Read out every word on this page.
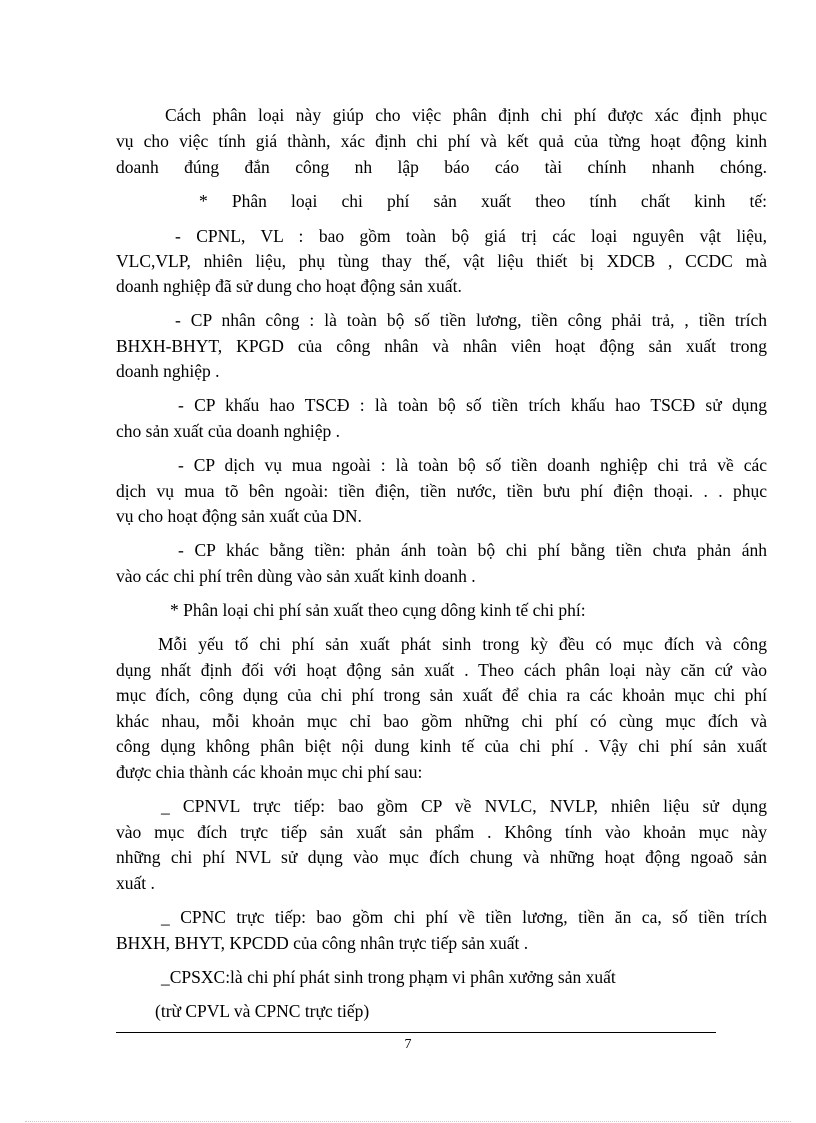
Cách phân loại này giúp cho việc phân định chi phí được xác định phục
vụ cho việc tính giá thành, xác định chi phí và kết quả của từng hoạt động kinh
doanh đúng đắn công nh lập báo cáo tài chính nhanh chóng.
* Phân loại chi phí sản xuất theo tính chất kinh tế:
- CPNL, VL : bao gồm toàn bộ giá trị các loại nguyên vật liệu,
VLC,VLP, nhiên liệu, phụ tùng thay thế, vật liệu thiết bị XDCB , CCDC mà
doanh nghiệp đã sử dung cho hoạt động sản xuất.
- CP nhân công : là toàn bộ số tiền lương, tiền công phải trả, , tiền trích
BHXH-BHYT, KPGD của công nhân và nhân viên hoạt động sản xuất trong
doanh nghiệp .
- CP khấu hao TSCĐ : là toàn bộ số tiền trích khấu hao TSCĐ sử dụng
cho sản xuất của doanh nghiệp .
- CP dịch vụ mua ngoài : là toàn bộ số tiền doanh nghiệp chi trả về các
dịch vụ mua tõ bên ngoài: tiền điện, tiền nước, tiền bưu phí điện thoại. . . phục
vụ cho hoạt động sản xuất của DN.
- CP khác bằng tiền: phản ánh toàn bộ chi phí bằng tiền chưa phản ánh
vào các chi phí trên dùng vào sản xuất kinh doanh .
* Phân loại chi phí sản xuất theo cụng dông kinh tế chi phí:
Mỗi yếu tố chi phí sản xuất phát sinh trong kỳ đều có mục đích và công
dụng nhất định đối với hoạt động sản xuất . Theo cách phân loại này căn cứ vào
mục đích, công dụng của chi phí trong sản xuất để chia ra các khoản mục chi phí
khác nhau, mỗi khoản mục chỉ bao gồm những chi phí có cùng mục đích và
công dụng không phân biệt nội dung kinh tế của chi phí . Vậy chi phí sản xuất
được chia thành các khoản mục chi phí sau:
_ CPNVL trực tiếp: bao gồm CP về NVLC, NVLP, nhiên liệu sử dụng
vào mục đích trực tiếp sản xuất sản phẩm . Không tính vào khoản mục này
những chi phí NVL sử dụng vào mục đích chung và những hoạt động ngoaõ sản
xuất .
_ CPNC trực tiếp: bao gồm chi phí về tiền lương, tiền ăn ca, số tiền trích
BHXH, BHYT, KPCDD của công nhân trực tiếp sản xuất .
_CPSXC:là chi phí phát sinh trong phạm vi phân xưởng sản xuất
(trừ CPVL và CPNC trực tiếp)
7
